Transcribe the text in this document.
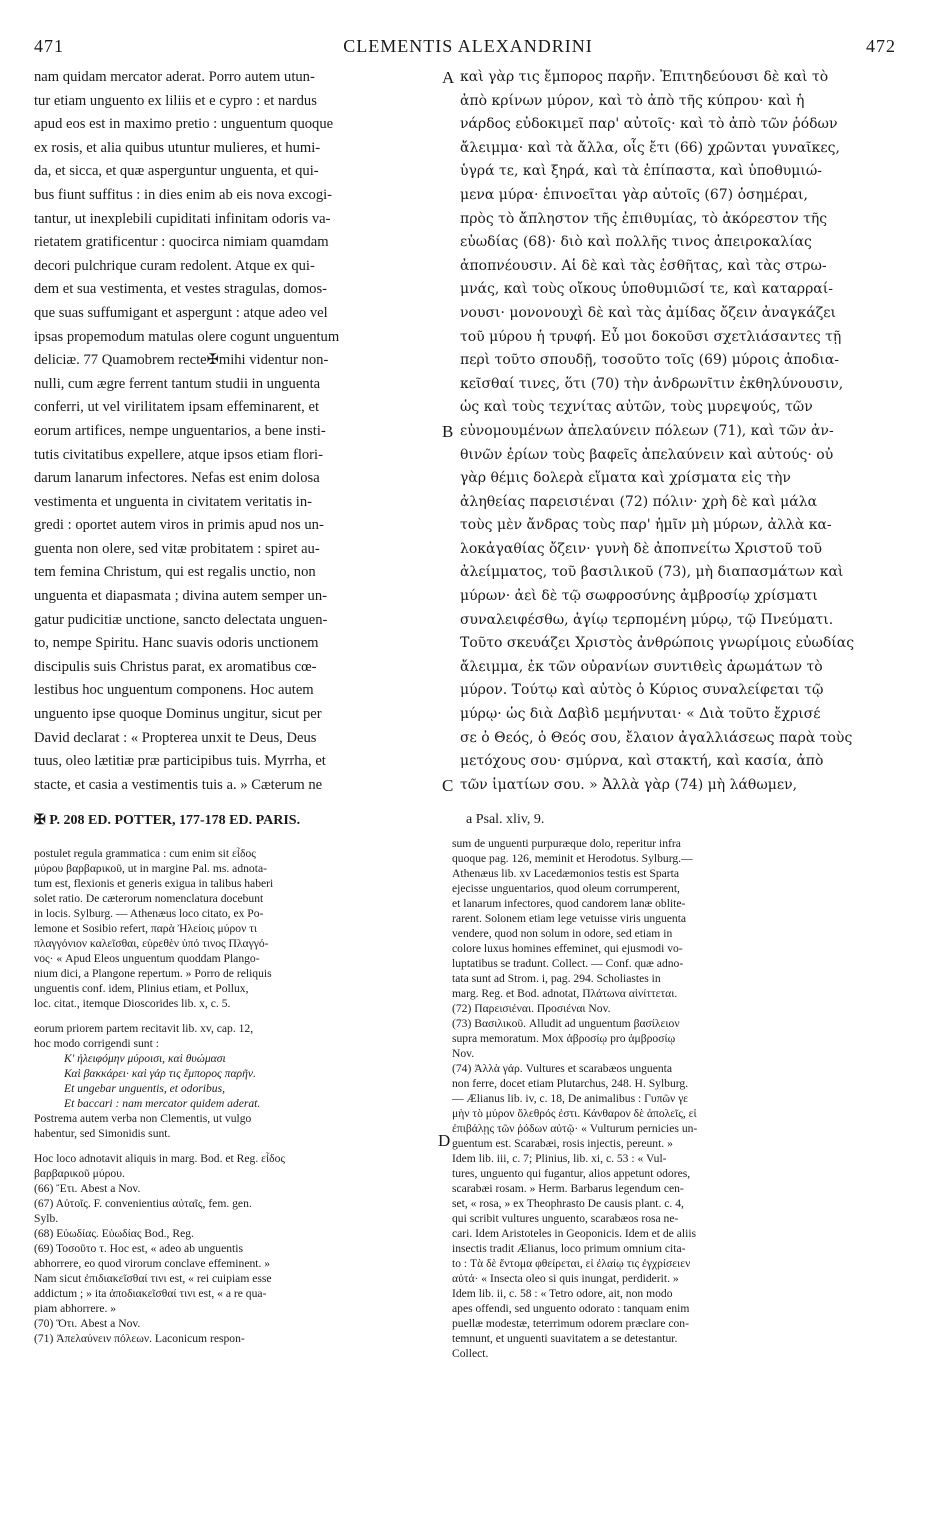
471	CLEMENTIS ALEXANDRINI	472
nam quidam mercator aderat. Porro autem utun-
tur etiam unguento ex liliis et e cypro : et nardus
apud eos est in maximo pretio : unguentum quoque
ex rosis, et alia quibus utuntur mulieres, et humi-
da, et sicca, et quæ asperguntur unguenta, et qui-
bus fiunt suffitus : in dies enim ab eis nova excogi-
tantur, ut inexplebili cupiditati infinitam odoris va-
rietatem gratificentur : quocirca nimiam quamdam
decori pulchrique curam redolent. Atque ex qui-
dem et sua vestimenta, et vestes stragulas, domos-
que suas suffumigant et aspergunt : atque adeo vel
ipsas propemodum matulas olere cogunt unguentum
deliciæ. 77 Quamobrem recte✠mihi videntur non-
nulli, cum ægre ferrent tantum studii in unguenta
conferri, ut vel virilitatem ipsam effeminarent, et
eorum artifices, nempe unguentarios, a bene insti-
tutis civitatibus expellere, atque ipsos etiam flori-
darum lanarum infectores. Nefas est enim dolosa
vestimenta et unguenta in civitatem veritatis in-
gredi : oportet autem viros in primis apud nos un-
guenta non olere, sed vitæ probitatem : spiret au-
tem femina Christum, qui est regalis unctio, non
unguenta et diapasmata ; divina autem semper un-
gatur pudicitiæ unctione, sancto delectata unguen-
to, nempe Spiritu. Hanc suavis odoris unctionem
discipulis suis Christus parat, ex aromatibus cœ-
lestibus hoc unguentum componens. Hoc autem
unguento ipse quoque Dominus ungitur, sicut per
David declarat : « Propterea unxit te Deus, Deus
tuus, oleo lætitiæ præ participibus tuis. Myrrha, et
stacte, et casia a vestimentis tuis a. » Cæterum ne
καὶ γὰρ τις ἔμπορος παρῆν. Ἐπιτηδεύουσι δὲ καὶ τὸ
ἀπὸ κρίνων μύρον, καὶ τὸ ἀπὸ τῆς κύπρου· καὶ ἡ
νάρδος εὐδοκιμεῖ παρ' αὐτοῖς· καὶ τὸ ἀπὸ τῶν ῥόδων
ἄλειμμα· καὶ τὰ ἄλλα, οἷς ἔτι (66) χρῶνται γυναῖκες,
ὑγρά τε, καὶ ξηρά, καὶ τὰ ἐπίπαστα, καὶ ὑποθυμιώ-
μενα μύρα· ἐπινοεῖται γὰρ αὐτοῖς (67) ὁσημέραι,
πρὸς τὸ ἄπληστον τῆς ἐπιθυμίας, τὸ ἀκόρεστον τῆς
εὐωδίας (68)· διὸ καὶ πολλῆς τινος ἀπειροκαλίας
ἀποπνέουσιν. Αἱ δὲ καὶ τὰς ἐσθῆτας, καὶ τὰς στρω-
μνάς, καὶ τοὺς οἴκους ὑποθυμιῶσί τε, καὶ καταρραί-
νουσι· μονονουχὶ δὲ καὶ τὰς ἀμίδας ὄζειν ἀναγκάζει
τοῦ μύρου ἡ τρυφή. Εὖ μοι δοκοῦσι σχετλιάσαντες τῇ
περὶ τοῦτο σπουδῇ, τοσοῦτο τοῖς (69) μύροις ἀποδια-
κεῖσθαί τινες, ὅτι (70) τὴν ἀνδρωνῖτιν ἐκθηλύνουσιν,
ὡς καὶ τοὺς τεχνίτας αὐτῶν, τοὺς μυρεψούς, τῶν
εὐνομουμένων ἀπελαύνειν πόλεων (71), καὶ τῶν ἀν-
θινῶν ἐρίων τοὺς βαφεῖς ἀπελαύνειν καὶ αὐτούς· οὐ
γὰρ θέμις δολερὰ εἵματα καὶ χρίσματα εἰς τὴν
ἀληθείας παρεισιέναι (72) πόλιν· χρὴ δὲ καὶ μάλα
τοὺς μὲν ἄνδρας τοὺς παρ' ἡμῖν μὴ μύρων, ἀλλὰ κα-
λοκἀγαθίας ὄζειν· γυνὴ δὲ ἀποπνείτω Χριστοῦ τοῦ
ἀλείμματος, τοῦ βασιλικοῦ (73), μὴ διαπασμάτων καὶ
μύρων· ἀεὶ δὲ τῷ σωφροσύνης ἀμβροσίῳ χρίσματι
συναλειφέσθω, ἁγίῳ τερπομένη μύρῳ, τῷ Πνεύματι.
Τοῦτο σκευάζει Χριστὸς ἀνθρώποις γνωρίμοις εὐωδίας
ἄλειμμα, ἐκ τῶν οὐρανίων συντιθεὶς ἀρωμάτων τὸ
μύρον. Τούτῳ καὶ αὐτὸς ὁ Κύριος συναλείφεται τῷ
μύρῳ· ὡς διὰ Δαβὶδ μεμήνυται· « Διὰ τοῦτο ἔχρισέ
σε ὁ Θεός, ὁ Θεός σου, ἔλαιον ἀγαλλιάσεως παρὰ τοὺς
μετόχους σου· σμύρνα, καὶ στακτή, καὶ κασία, ἀπὸ
τῶν ἱματίων σου. » Ἀλλὰ γὰρ (74) μὴ λάθωμεν,
A
B
C
D
✠ P. 208 ED. POTTER, 177-178 ED. PARIS.	a Psal. xliv, 9.
postulet regula grammatica : cum enim sit εἶδος
μύρου βαρβαρικοῦ, ut in margine Pal. ms. adnota-
tum est, flexionis et generis exigua in talibus haberi
solet ratio. De cæterorum nomenclatura docebunt
in locis. Sylburg. — Athenæus loco citato, ex Po-
lemone et Sosibio refert, παρὰ Ἠλείοις μύρον τι
πλαγγόνιον καλεῖσθαι, εὑρεθὲν ὑπό τινος Πλαγγό-
νος· « Apud Eleos unguentum quoddam Plango-
nium dici, a Plangone repertum. » Porro de reliquis
unguentis conf. idem, Plinius etiam, et Pollux,
loc. citat., itemque Dioscorides lib. x, c. 5.
eorum priorem partem recitavit lib. xv, cap. 12,
hoc modo corrigendi sunt :
Κ' ἠλειφόμην μύροισι, καὶ θυώμασι
Καὶ βακκάρει· καὶ γάρ τις ἔμπορος παρῆν.
Et ungebar unguentis, et odoribus,
Et baccari : nam mercator quidem aderat.
Postrema autem verba non Clementis, ut vulgo
habentur, sed Simonidis sunt.
Hoc loco adnotavit aliquis in marg. Bod. et Reg. εἶδος
βαρβαρικοῦ μύρου.
(66) Ἔτι. Abest a Nov.
(67) Αὐτοῖς. F. convenientius αὐταῖς, fem. gen.
Sylb.
(68) Εὐωδίας. Εὐωδίας Bod., Reg.
(69) Τοσοῦτο τ. Hoc est, « adeo ab unguentis
abhorrere, eo quod virorum conclave effeminent. »
Nam sicut ἐπιδιακεῖσθαί τινι est, « rei cuipiam esse
addictum ; » ita ἀποδιακεῖσθαί τινι est, « a re qua-
piam abhorrere. »
(70) Ὅτι. Abest a Nov.
(71) Ἀπελαύνειν πόλεων. Laconicum respon-
sum de unguenti purpuræque dolo, reperitur infra
quoque pag. 126, meminit et Herodotus. Sylburg.—
Athenæus lib. xv Lacedæmonios testis est Sparta
ejecisse unguentarios, quod oleum corrumperent,
et lanarum infectores, quod candorem lanæ oblite-
rarent. Solonem etiam lege vetuisse viris unguenta
vendere, quod non solum in odore, sed etiam in
colore luxus homines effeminet, qui ejusmodi vo-
luptatibus se tradunt. Collect. — Conf. quæ adno-
tata sunt ad Strom. i, pag. 294. Scholiastes in
marg. Reg. et Bod. adnotat, Πλάτωνα αἰνίττεται.
(72) Παρεισιέναι. Προσιέναι Nov.
(73) Βασιλικοῦ. Alludit ad unguentum βασίλειον
supra memoratum. Mox ἀβροσίῳ pro ἀμβροσίῳ
Nov.
(74) Ἀλλὰ γάρ. Vultures et scarabæos unguenta
non ferre, docet etiam Plutarchus, 248. H. Sylburg.
— Ælianus lib. iv, c. 18, De animalibus : Γυπῶν γε
μὴν τὸ μύρον ὄλεθρός ἐστι. Κάνθαρον δὲ ἀπολεῖς, εἰ
ἐπιβάλῃς τῶν ῥόδων αὐτῷ· « Vulturum pernicies un-
guentum est. Scarabæi, rosis injectis, pereunt. »
Idem lib. iii, c. 7; Plinius, lib. xi, c. 53 : « Vul-
tures, unguento qui fugantur, alios appetunt odores,
scarabæi rosam. » Herm. Barbarus legendum cen-
set, « rosa, » ex Theophrasto De causis plant. c. 4,
qui scribit vultures unguento, scarabæos rosa ne-
cari. Idem Aristoteles in Geoponicis. Idem et de aliis
insectis tradit Ælianus, loco primum omnium cita-
to : Τὰ δὲ ἔντομα φθείρεται, εἰ ἐλαίῳ τις ἐγχρίσειεν
αὐτά· « Insecta oleo si quis inungat, perdiderit. »
Idem lib. ii, c. 58 : « Tetro odore, ait, non modo
apes offendi, sed unguento odorato : tanquam enim
puellæ modestæ, teterrimum odorem præclare con-
temnunt, et unguenti suavitatem a se detestantur.
Collect.
